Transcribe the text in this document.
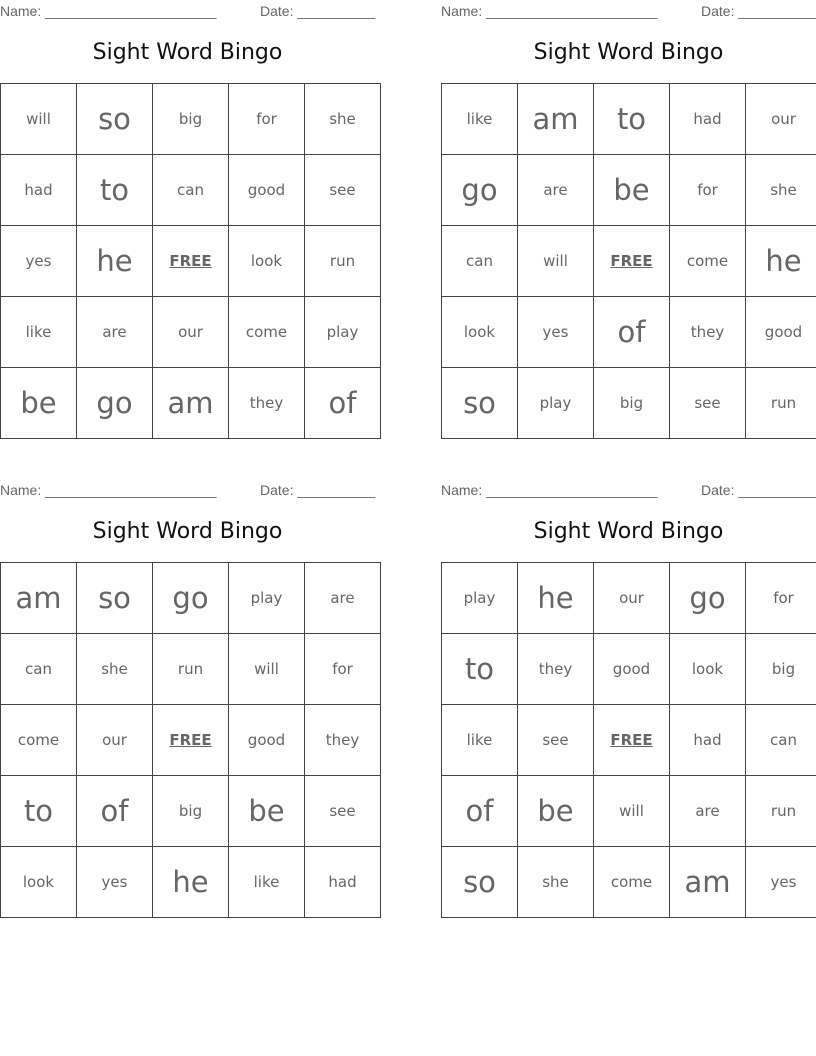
Name: ______________________	Date: __________
Sight Word Bingo
will	so	big	for	she
had	to	can	good	see
yes	he	FREE	look	run
like	are	our	come	play
be	go	am	they	of
Name: ______________________	Date: __________
Sight Word Bingo
like	am	to	had	our
go	are	be	for	she
can	will	FREE	come	he
look	yes	of	they	good
so	play	big	see	run
Name: ______________________	Date: __________
Sight Word Bingo
am	so	go	play	are
can	she	run	will	for
come	our	FREE	good	they
to	of	big	be	see
look	yes	he	like	had
Name: ______________________	Date: __________
Sight Word Bingo
play	he	our	go	for
to	they	good	look	big
like	see	FREE	had	can
of	be	will	are	run
so	she	come	am	yes
